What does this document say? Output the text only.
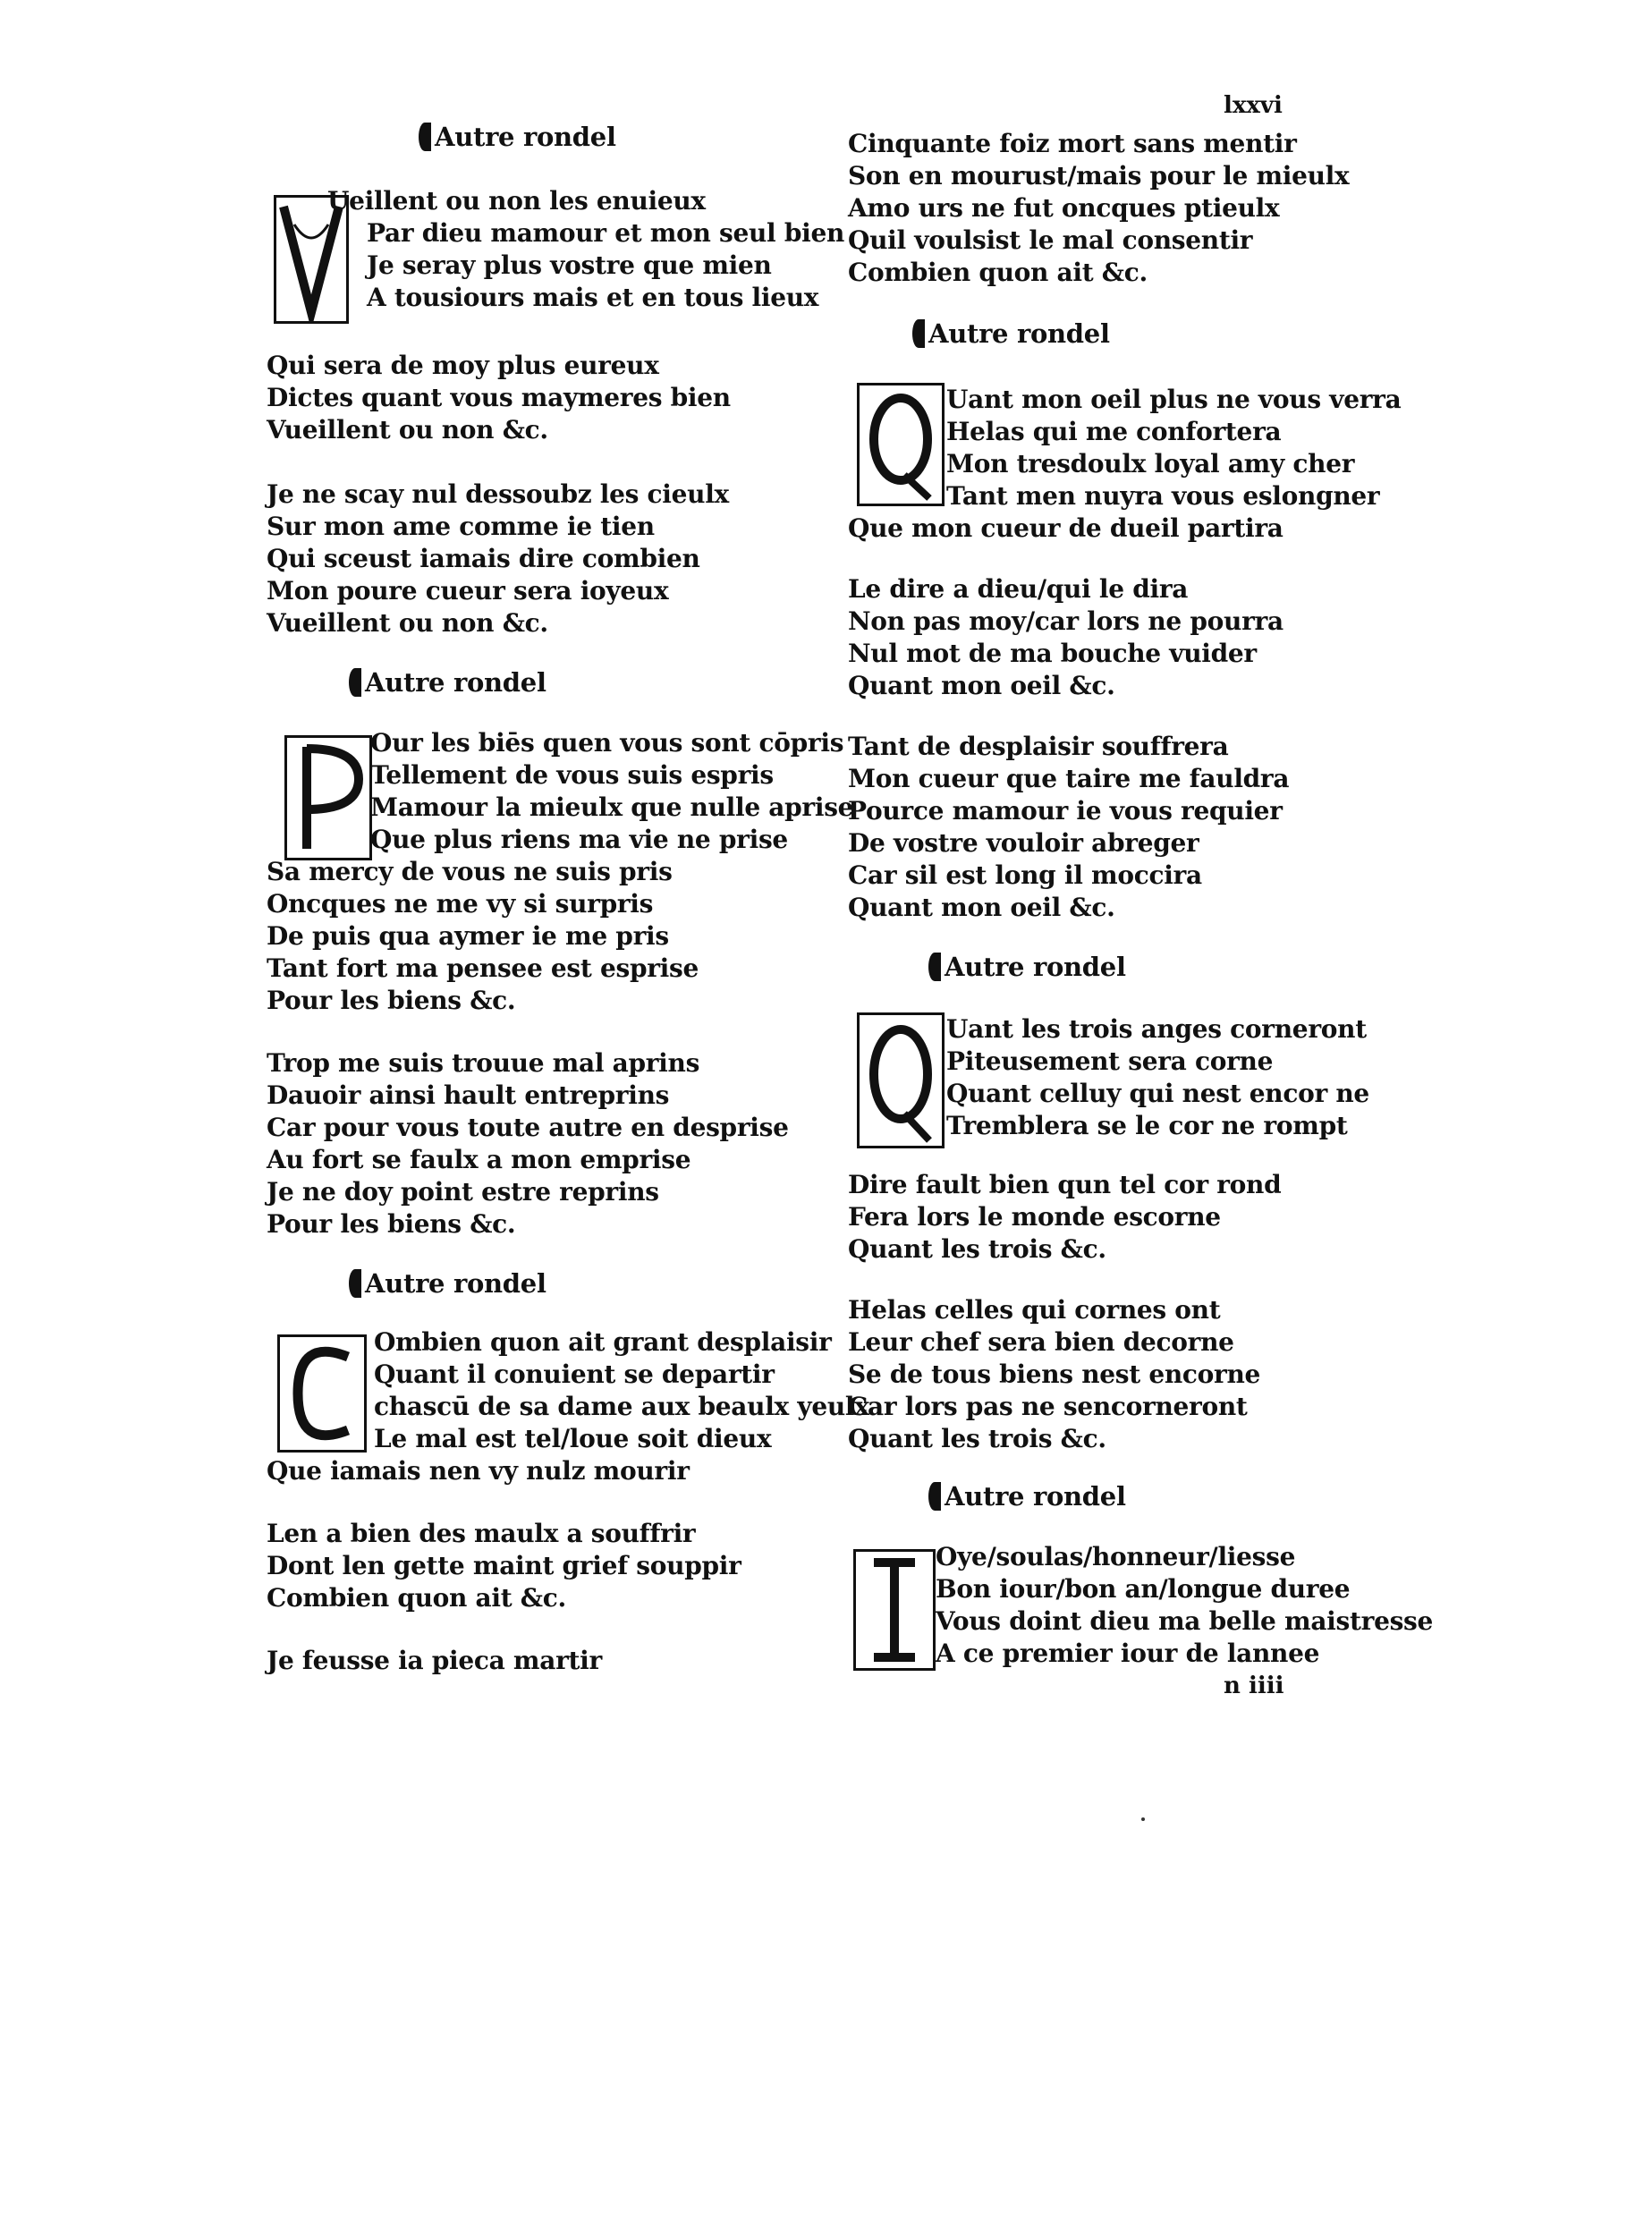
lxxvi
Autre rondel
Ueillent ou non les enuieux
Par dieu mamour et mon seul bien
Je seray plus vostre que mien
A tousiours mais et en tous lieux
Qui sera de moy plus eureux
Dictes quant vous maymeres bien
Vueillent ou non &c.
Je ne scay nul dessoubz les cieulx
Sur mon ame comme ie tien
Qui sceust iamais dire combien
Mon poure cueur sera ioyeux
Vueillent ou non &c.
Autre rondel
Our les biēs quen vous sont cōpris
Tellement de vous suis espris
Mamour la mieulx que nulle aprise
Que plus riens ma vie ne prise
Sa mercy de vous ne suis pris
Oncques ne me vy si surpris
De puis qua aymer ie me pris
Tant fort ma pensee est esprise
Pour les biens &c.
Trop me suis trouue mal aprins
Dauoir ainsi hault entreprins
Car pour vous toute autre en desprise
Au fort se faulx a mon emprise
Je ne doy point estre reprins
Pour les biens &c.
Autre rondel
Ombien quon ait grant desplaisir
Quant il conuient se departir
chascū de sa dame aux beaulx yeulx
Le mal est tel/loue soit dieux
Que iamais nen vy nulz mourir
Len a bien des maulx a souffrir
Dont len gette maint grief souppir
Combien quon ait &c.
Je feusse ia piecа martir
Cinquante foiz mort sans mentir
Son en mourust/mais pour le mieulx
Amo urs ne fut oncques ptieulx
Quil voulsist le mal consentir
Combien quon ait &c.
Autre rondel
Uant mon oeil plus ne vous verra
Helas qui me confortera
Mon tresdoulx loyal amy cher
Tant men nuyra vous eslongner
Que mon cueur de dueil partira
Le dire a dieu/qui le dira
Non pas moy/car lors ne pourra
Nul mot de ma bouche vuider
Quant mon oeil &c.
Tant de desplaisir souffrera
Mon cueur que taire me fauldra
Pource mamour ie vous requier
De vostre vouloir abreger
Car sil est long il moccira
Quant mon oeil &c.
Autre rondel
Uant les trois anges corneront
Piteusement sera corne
Quant celluy qui nest encor ne
Tremblera se le cor ne rompt
Dire fault bien qun tel cor rond
Fera lors le monde escorne
Quant les trois &c.
Helas celles qui cornes ont
Leur chef sera bien decorne
Se de tous biens nest encorne
Car lors pas ne sencorneront
Quant les trois &c.
Autre rondel
Oye/soulas/honneur/liesse
Bon iour/bon an/longue duree
Vous doint dieu ma belle maistresse
A ce premier iour de lannee
n iiii
